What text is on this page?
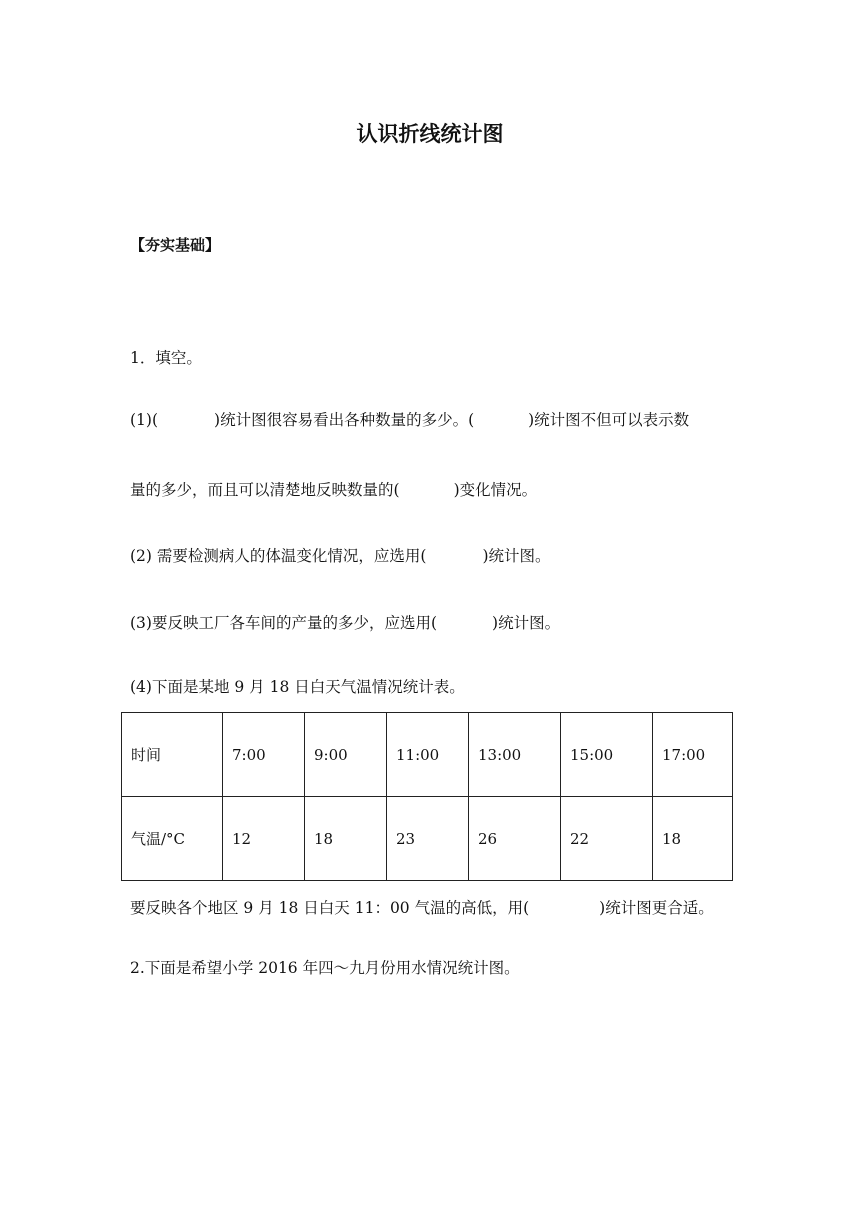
认识折线统计图
【夯实基础】
1．填空。
(1)(	)统计图很容易看出各种数量的多少。(	)统计图不但可以表示数
量的多少，而且可以清楚地反映数量的(	)变化情况。
(2) 需要检测病人的体温变化情况，应选用(	)统计图。
(3)要反映工厂各车间的产量的多少，应选用(	)统计图。
(4)下面是某地 9 月 18 日白天气温情况统计表。
时间	7:00	9:00	11:00	13:00	15:00	17:00
气温/°C	12	18	23	26	22	18
要反映各个地区 9 月 18 日白天 11：00 气温的高低，用(	)统计图更合适。
2.下面是希望小学 2016 年四～九月份用水情况统计图。
